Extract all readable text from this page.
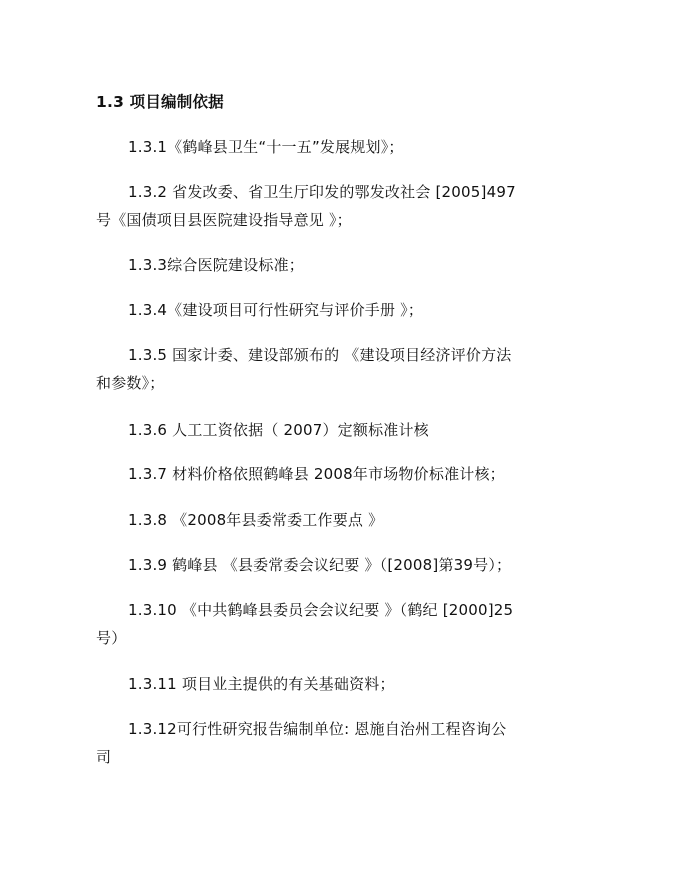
1.3 项目编制依据
1.3.1《鹤峰县卫生“十一五”发展规划》；
1.3.2 省发改委、省卫生厅印发的鄂发改社会 [2005]497
号《国债项目县医院建设指导意见 》；
1.3.3综合医院建设标准；
1.3.4《建设项目可行性研究与评价手册 》；
1.3.5 国家计委、建设部颁布的 《建设项目经济评价方法
和参数》；
1.3.6 人工工资依据（ 2007）定额标准计核
1.3.7 材料价格依照鹤峰县 2008年市场物价标准计核；
1.3.8 《2008年县委常委工作要点 》
1.3.9 鹤峰县 《县委常委会议纪要 》（[2008]第39号）；
1.3.10 《中共鹤峰县委员会会议纪要 》（鹤纪 [2000]25
号）
1.3.11 项目业主提供的有关基础资料；
1.3.12可行性研究报告编制单位: 恩施自治州工程咨询公
司
